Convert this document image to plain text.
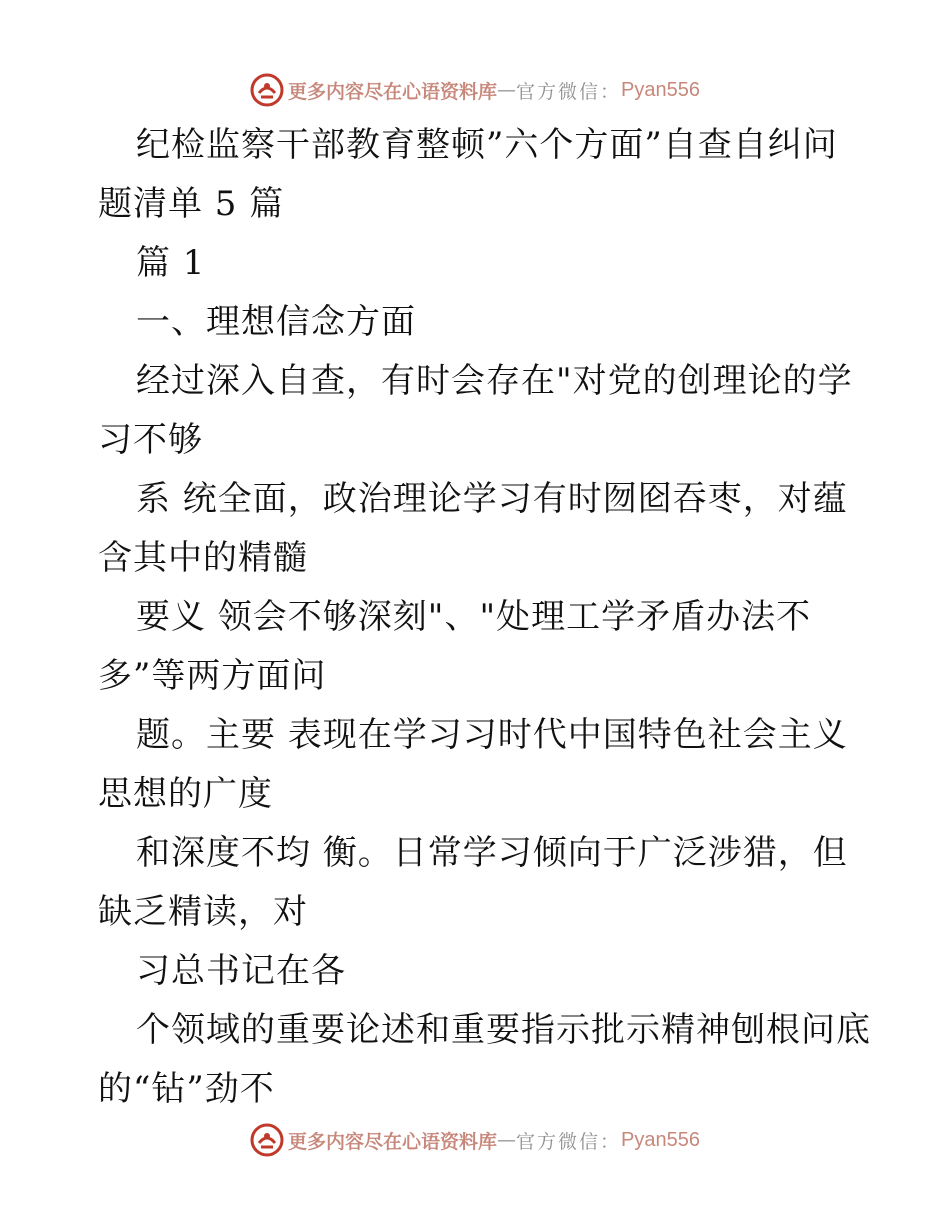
更多内容尽在心语资料库 — 官方微信： Pyan556
纪检监察干部教育整顿”六个方面”自查自纠问
题清单 5 篇
篇 1
一、理想信念方面
经过深入自查，有时会存在"对党的创理论的学
习不够
系 统全面，政治理论学习有时囫囵吞枣，对蕴
含其中的精髓
要义 领会不够深刻"、"处理工学矛盾办法不
多”等两方面问
题。主要 表现在学习习时代中国特色社会主义
思想的广度
和深度不均 衡。日常学习倾向于广泛涉猎，但
缺乏精读，对
习总书记在各
个领域的重要论述和重要指示批示精神刨根问底
的“钻”劲不
更多内容尽在心语资料库 — 官方微信： Pyan556
